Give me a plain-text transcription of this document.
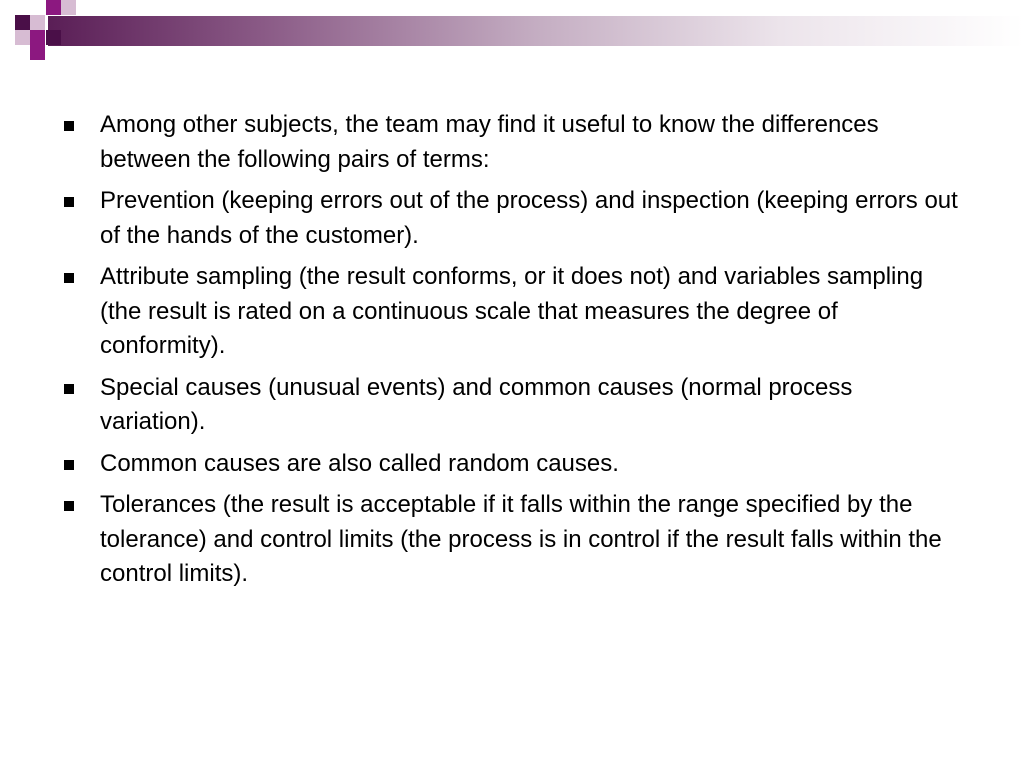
Among other subjects, the team may find it useful to know the differences between the following pairs of terms:
Prevention (keeping errors out of the process) and inspection (keeping errors out of the hands of the customer).
Attribute sampling (the result conforms, or it does not) and variables sampling (the result is rated on a continuous scale that measures the degree of conformity).
Special causes (unusual events) and common causes (normal process variation).
Common causes are also called random causes.
Tolerances (the result is acceptable if it falls within the range specified by the tolerance) and control limits (the process is in control if the result falls within the control limits).
